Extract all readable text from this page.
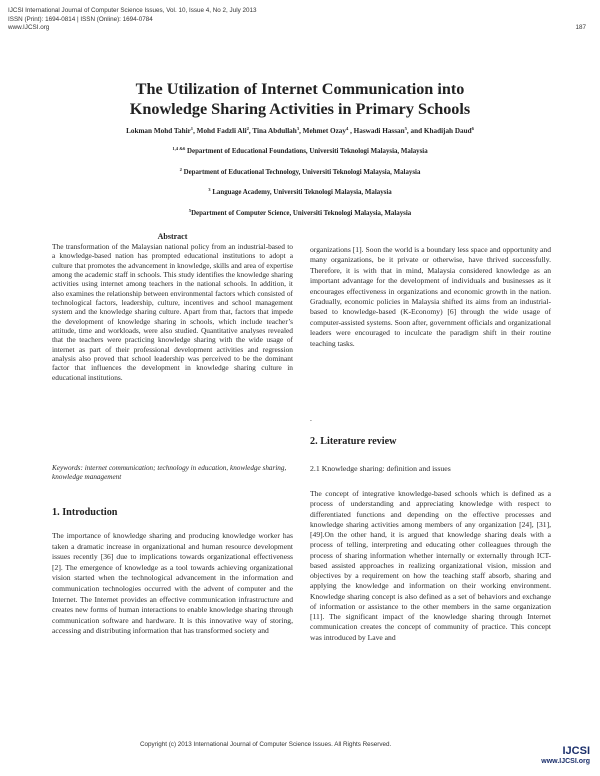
IJCSI International Journal of Computer Science Issues, Vol. 10, Issue 4, No 2, July 2013
ISSN (Print): 1694-0814 | ISSN (Online): 1694-0784
www.IJCSI.org	187
The Utilization of Internet Communication into
Knowledge Sharing Activities in Primary Schools
Lokman Mohd Tahir$^1$, Mohd Fadzli Ali$^2$, Tina Abdullah$^3$, Mehmet Ozay$^4$ , Haswadi Hassan$^5$, and Khadijah Daud$^6$
$^{1,4 \&6}$ Department of Educational Foundations, Universiti Teknologi Malaysia, Malaysia
$^2$ Department of Educational Technology, Universiti Teknologi Malaysia, Malaysia
$^3$ Language Academy, Universiti Teknologi Malaysia, Malaysia
$^5$Department of Computer Science, Universiti Teknologi Malaysia, Malaysia
Abstract

The transformation of the Malaysian national policy from an industrial-based to a knowledge-based nation has prompted educational institutions to adopt a culture that promotes the advancement in knowledge, skills and area of expertise among the academic staff in schools. This study identifies the knowledge sharing activities using internet among teachers in the national schools. In addition, it also examines the relationship between environmental factors which consisted of technological factors, leadership, culture, incentives and school management system and the knowledge sharing culture. Apart from that, factors that impede the development of knowledge sharing in schools, which include teacher’s attitude, time and workloads, were also studied. Quantitative analyses revealed that the teachers were practicing knowledge sharing with the wide usage of internet as part of their professional development activities and regression analysis also proved that school leadership was perceived to be the dominant factor that influences the development in knowledge sharing culture in educational institutions.

Keywords: internet communication; technology in education, knowledge sharing, knowledge management
1. Introduction

The importance of knowledge sharing and producing knowledge worker has taken a dramatic increase in organizational and human resource development issues recently [36] due to implications towards organizational effectiveness [2]. The emergence of knowledge as a tool towards achieving organizational vision started when the technological advancement in the information and communication technologies occurred with the advent of computer and the Internet. The Internet provides an effective communication infrastructure and creates new forms of human interactions to enable knowledge sharing through communication software and hardware. It is this innovative way of storing, accessing and distributing information that has transformed society and

organizations [1]. Soon the world is a boundary less space and opportunity and many organizations, be it private or otherwise, have thrived successfully. Therefore, it is with that in mind, Malaysia considered knowledge as an important advantage for the development of individuals and businesses as it encourages effectiveness in organizations and economic growth in the nation. Gradually, economic policies in Malaysia shifted its aims from an industrial-based to knowledge-based (K-Economy) [6] through the wide usage of computer-assisted systems. Soon after, government officials and organizational leaders were encouraged to inculcate the paradigm shift in their routine teaching tasks.

.
2. Literature review
2.1 Knowledge sharing: definition and issues

The concept of integrative knowledge-based schools which is defined as a process of understanding and appreciating knowledge with respect to differentiated functions and depending on the effective processes and knowledge sharing activities among members of any organization [24], [31], [49].On the other hand, it is argued that knowledge sharing deals with a process of telling, interpreting and educating other colleagues through the process of sharing information whether internally or externally through ICT-based assisted approaches in realizing organizational vision, mission and objectives by a requirement on how the teaching staff absorb, sharing and applying the knowledge and information on their working environment. Knowledge sharing concept is also defined as a set of behaviors and exchange of information or assistance to the other members in the same organization [11]. The significant impact of the knowledge sharing through Internet communication creates the concept of community of practice. This concept was introduced by Lave and

Copyright (c) 2013 International Journal of Computer Science Issues. All Rights Reserved.
IJCSI
www.IJCSI.org
